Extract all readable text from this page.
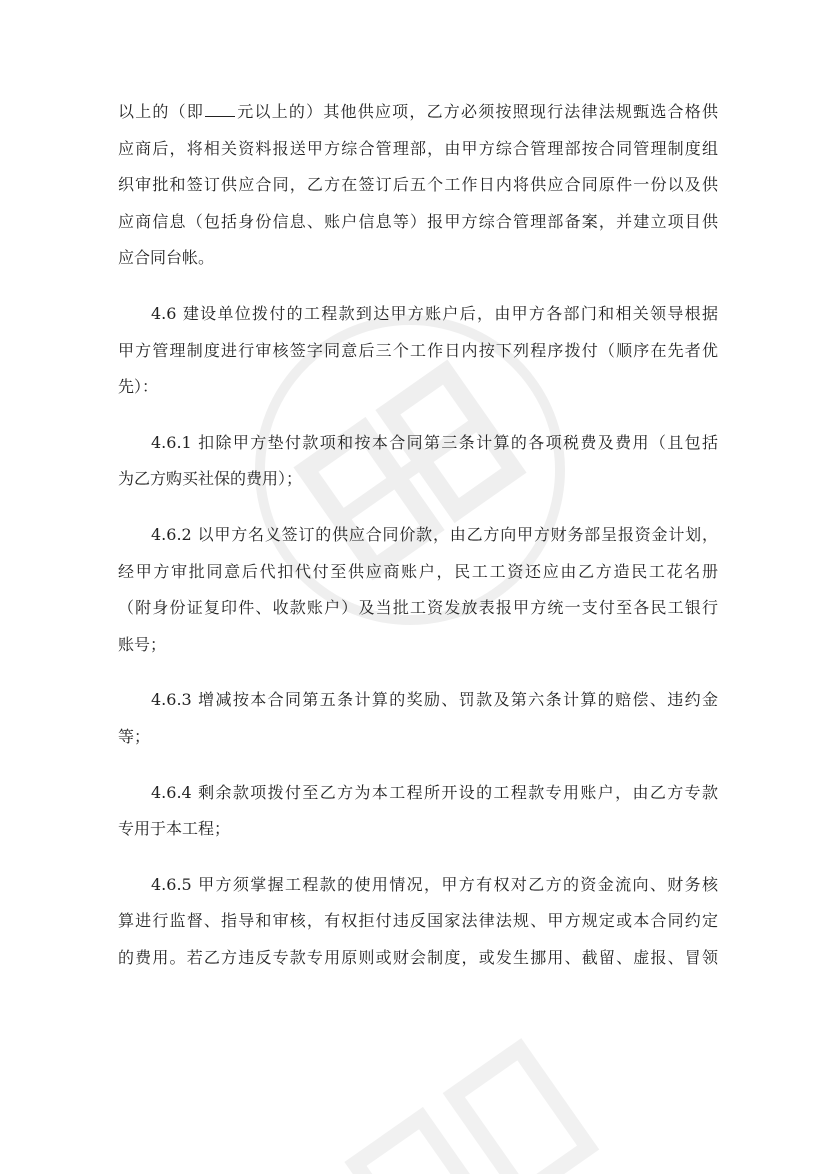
以上的（即 元以上的）其他供应项，乙方必须按照现行法律法规甄选合格供
应商后，将相关资料报送甲方综合管理部，由甲方综合管理部按合同管理制度组
织审批和签订供应合同，乙方在签订后五个工作日内将供应合同原件一份以及供
应商信息（包括身份信息、账户信息等）报甲方综合管理部备案，并建立项目供
应合同台帐。
4.6 建设单位拨付的工程款到达甲方账户后，由甲方各部门和相关领导根据
甲方管理制度进行审核签字同意后三个工作日内按下列程序拨付（顺序在先者优
先）：
4.6.1 扣除甲方垫付款项和按本合同第三条计算的各项税费及费用（且包括
为乙方购买社保的费用）；
4.6.2 以甲方名义签订的供应合同价款，由乙方向甲方财务部呈报资金计划，
经甲方审批同意后代扣代付至供应商账户，民工工资还应由乙方造民工花名册
（附身份证复印件、收款账户）及当批工资发放表报甲方统一支付至各民工银行
账号；
4.6.3 增减按本合同第五条计算的奖励、罚款及第六条计算的赔偿、违约金
等；
4.6.4 剩余款项拨付至乙方为本工程所开设的工程款专用账户，由乙方专款
专用于本工程；
4.6.5 甲方须掌握工程款的使用情况，甲方有权对乙方的资金流向、财务核
算进行监督、指导和审核，有权拒付违反国家法律法规、甲方规定或本合同约定
的费用。若乙方违反专款专用原则或财会制度，或发生挪用、截留、虚报、冒领
